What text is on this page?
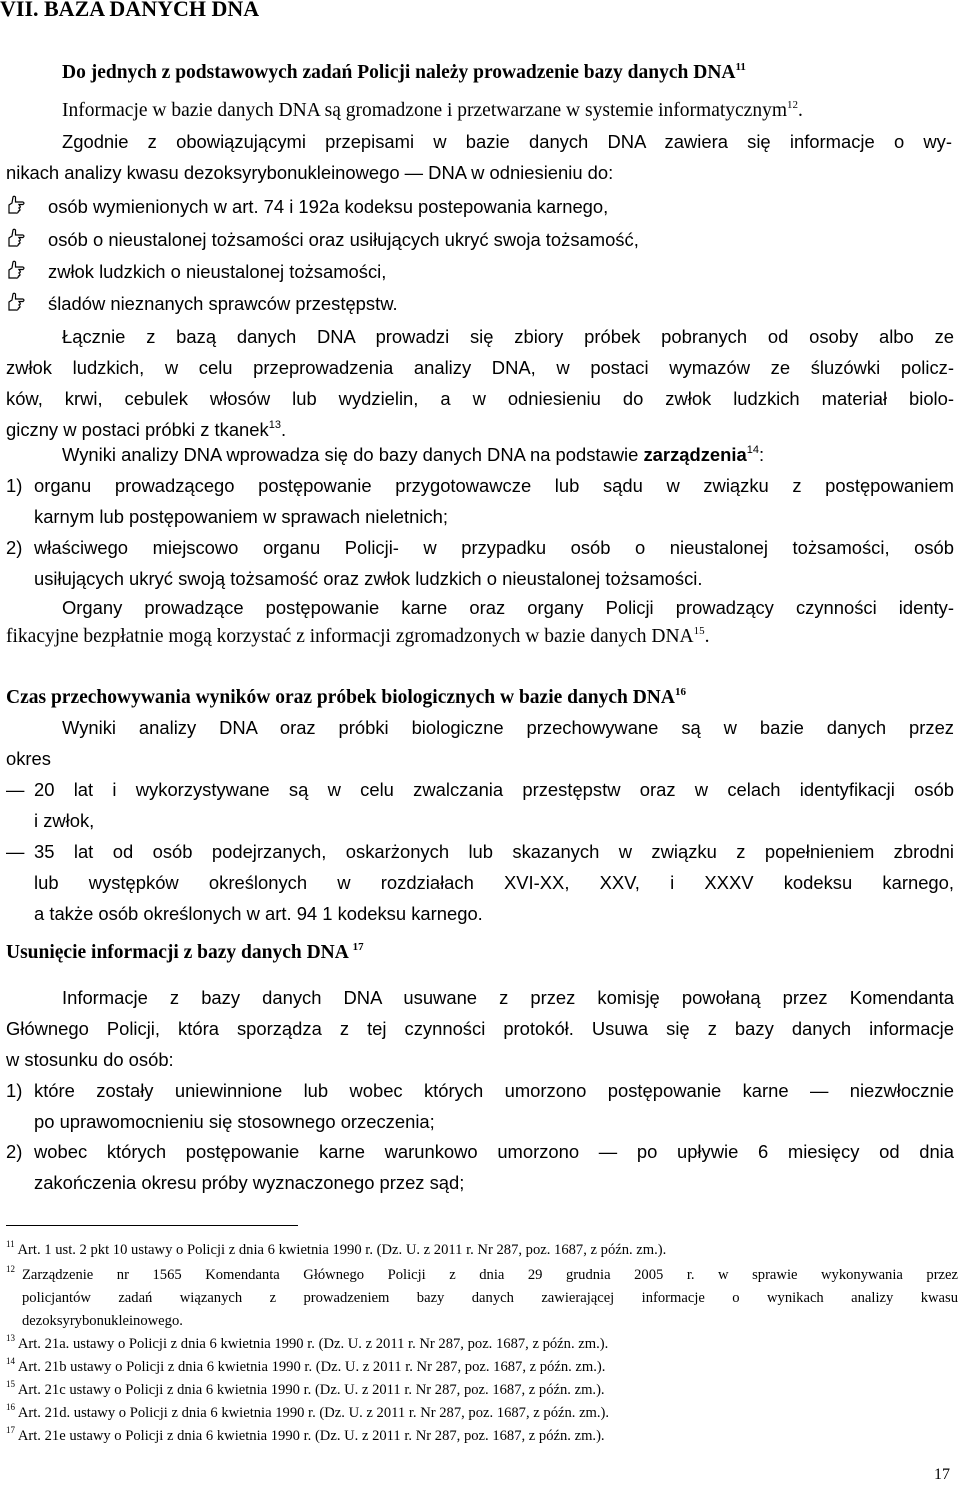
VII. BAZA DANYCH DNA
Do jednych z podstawowych zadań Policji należy prowadzenie bazy danych DNA$^{11}$
Informacje w bazie danych DNA są gromadzone i przetwarzane w systemie informatycznym$^{12}$.
Zgodnie z obowiązującymi przepisami w bazie danych DNA zawiera się informacje o wy-
nikach analizy kwasu dezoksyrybonukleinowego — DNA w odniesieniu do:
osób wymienionych w art. 74 i 192a kodeksu postepowania karnego,
osób o nieustalonej tożsamości oraz usiłujących ukryć swoja tożsamość,
zwłok ludzkich o nieustalonej tożsamości,
śladów nieznanych sprawców przestępstw.
Łącznie z bazą danych DNA prowadzi się zbiory próbek pobranych od osoby albo ze
zwłok ludzkich, w celu przeprowadzenia analizy DNA, w postaci wymazów ze śluzówki policz-
ków, krwi, cebulek włosów lub wydzielin, a w odniesieniu do zwłok ludzkich materiał biolo-
giczny w postaci próbki z tkanek$^{13}$.
Wyniki analizy DNA wprowadza się do bazy danych DNA na podstawie zarządzenia$^{14}$:
1) organu prowadzącego postępowanie przygotowawcze lub sądu w związku z postępowaniem
karnym lub postępowaniem w sprawach nieletnich;
2) właściwego miejscowo organu Policji- w przypadku osób o nieustalonej tożsamości, osób
usiłujących ukryć swoją tożsamość oraz zwłok ludzkich o nieustalonej tożsamości.
Organy prowadzące postępowanie karne oraz organy Policji prowadzący czynności identy-
fikacyjne bezpłatnie mogą korzystać z informacji zgromadzonych w bazie danych DNA$^{15}$.
Czas przechowywania wyników oraz próbek biologicznych w bazie danych DNA$^{16}$
Wyniki analizy DNA oraz próbki biologiczne przechowywane są w bazie danych przez
okres
— 20 lat i wykorzystywane są w celu zwalczania przestępstw oraz w celach identyfikacji osób
i zwłok,
— 35 lat od osób podejrzanych, oskarżonych lub skazanych w związku z popełnieniem zbrodni
lub występków określonych w rozdziałach XVI-XX, XXV, i XXXV kodeksu karnego,
a także osób określonych w art. 94 1 kodeksu karnego.
Usunięcie informacji z bazy danych DNA $^{17}$
Informacje z bazy danych DNA usuwane z przez komisję powołaną przez Komendanta
Głównego Policji, która sporządza z tej czynności protokół. Usuwa się z bazy danych informacje
w stosunku do osób:
1) które zostały uniewinnione lub wobec których umorzono postępowanie karne — niezwłocznie
po uprawomocnieniu się stosownego orzeczenia;
2) wobec których postępowanie karne warunkowo umorzono — po upływie 6 miesięcy od dnia
zakończenia okresu próby wyznaczonego przez sąd;
$^{11}$ Art. 1 ust. 2 pkt 10 ustawy o Policji z dnia 6 kwietnia 1990 r. (Dz. U. z 2011 r. Nr 287, poz. 1687, z późn. zm.).
$^{12}$ Zarządzenie nr 1565 Komendanta Głównego Policji z dnia 29 grudnia 2005 r. w sprawie wykonywania przez
policjantów zadań wiązanych z prowadzeniem bazy danych zawierającej informacje o wynikach analizy kwasu
dezoksyrybonukleinowego.
$^{13}$ Art. 21a. ustawy o Policji z dnia 6 kwietnia 1990 r. (Dz. U. z 2011 r. Nr 287, poz. 1687, z późn. zm.).
$^{14}$ Art. 21b ustawy o Policji z dnia 6 kwietnia 1990 r. (Dz. U. z 2011 r. Nr 287, poz. 1687, z późn. zm.).
$^{15}$ Art. 21c ustawy o Policji z dnia 6 kwietnia 1990 r. (Dz. U. z 2011 r. Nr 287, poz. 1687, z późn. zm.).
$^{16}$ Art. 21d. ustawy o Policji z dnia 6 kwietnia 1990 r. (Dz. U. z 2011 r. Nr 287, poz. 1687, z późn. zm.).
$^{17}$ Art. 21e ustawy o Policji z dnia 6 kwietnia 1990 r. (Dz. U. z 2011 r. Nr 287, poz. 1687, z późn. zm.).
17
